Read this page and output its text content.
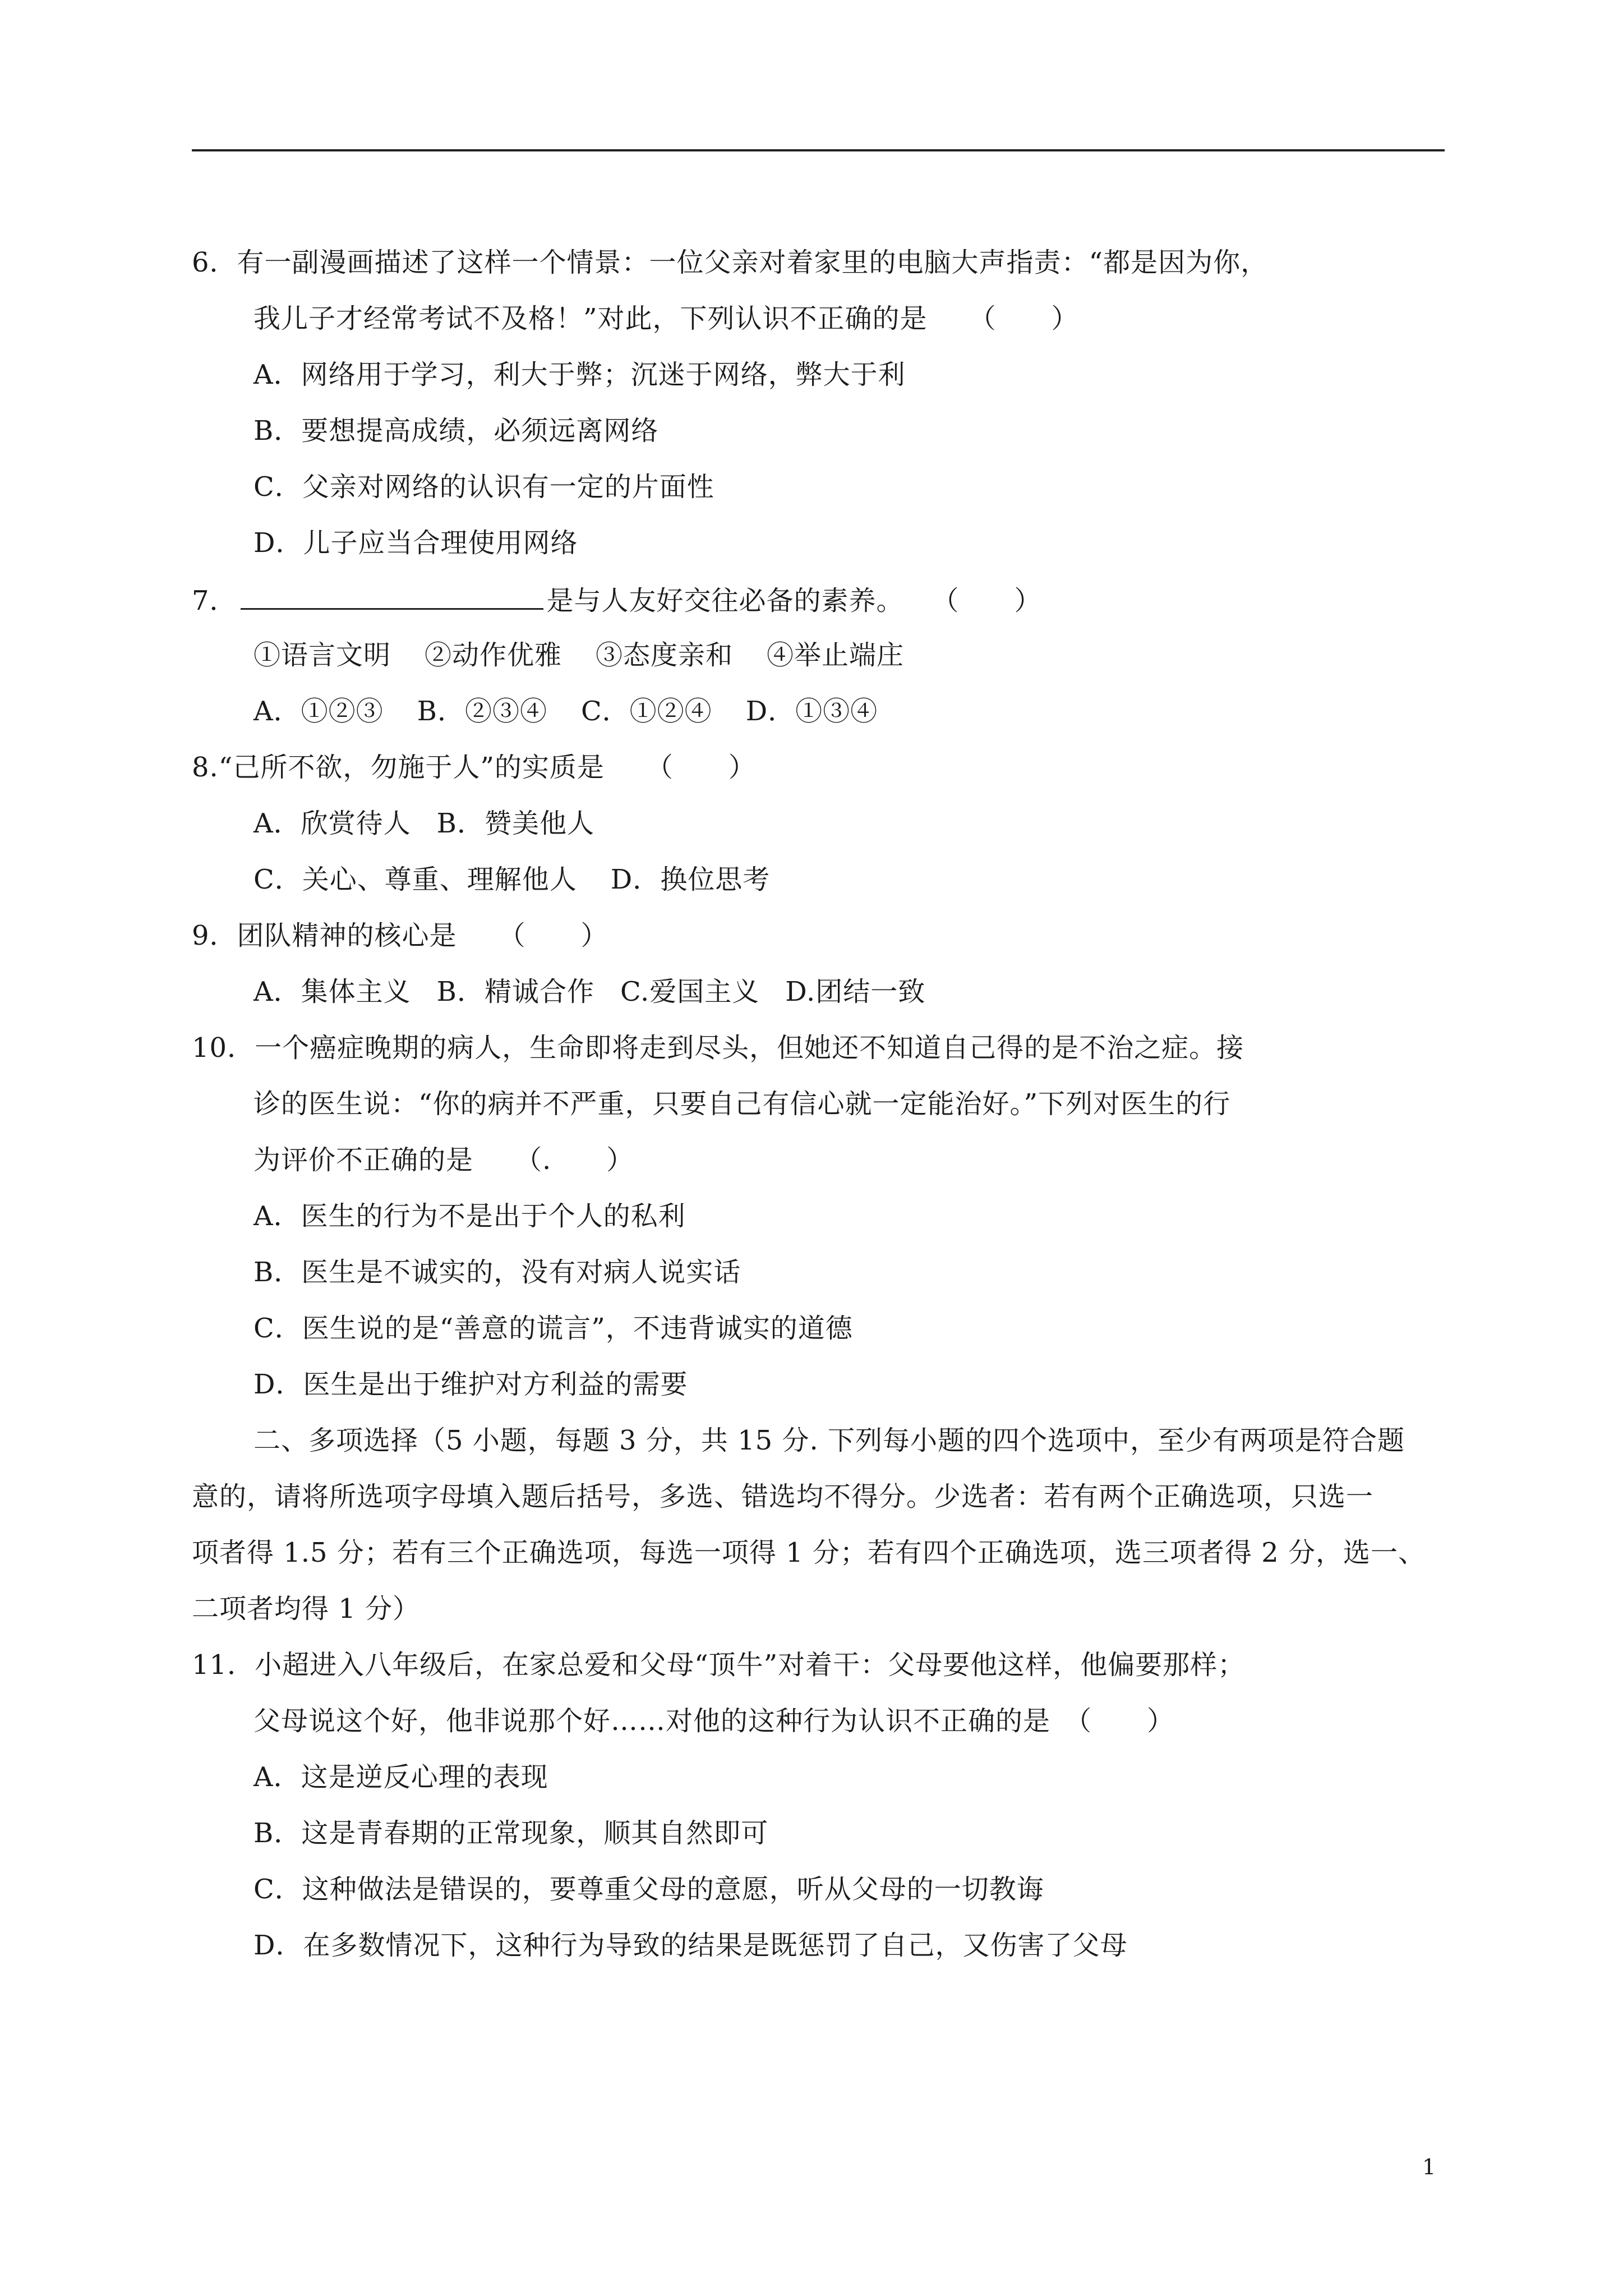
6．有一副漫画描述了这样一个情景：一位父亲对着家里的电脑大声指责：“都是因为你，
我儿子才经常考试不及格！”对此，下列认识不正确的是　　（　　）
A．网络用于学习，利大于弊；沉迷于网络，弊大于利
B．要想提高成绩，必须远离网络
C．父亲对网络的认识有一定的片面性
D．儿子应当合理使用网络
7．	是与人友好交往必备的素养。　　（　　）
①语言文明 ②动作优雅 ③态度亲和 ④举止端庄
A．①②③ B．②③④ C．①②④ D．①③④
8.“己所不欲，勿施于人”的实质是　　（　　）
A．欣赏待人 B．赞美他人
C．关心、尊重、理解他人 D．换位思考
9．团队精神的核心是　　（　　）
A．集体主义 B．精诚合作 C.爱国主义 D.团结一致
10．一个癌症晚期的病人，生命即将走到尽头，但她还不知道自己得的是不治之症。接
诊的医生说：“你的病并不严重，只要自己有信心就一定能治好。”下列对医生的行
为评价不正确的是　　（.　　）
A．医生的行为不是出于个人的私利
B．医生是不诚实的，没有对病人说实话
C．医生说的是“善意的谎言”，不违背诚实的道德
D．医生是出于维护对方利益的需要
二、多项选择（5 小题，每题 3 分，共 15 分. 下列每小题的四个选项中，至少有两项是符合题
意的，请将所选项字母填入题后括号，多选、错选均不得分。少选者：若有两个正确选项，只选一
项者得 1.5 分；若有三个正确选项，每选一项得 1 分；若有四个正确选项，选三项者得 2 分，选一、
二项者均得 1 分）
11．小超进入八年级后，在家总爱和父母“顶牛”对着干：父母要他这样，他偏要那样；
父母说这个好，他非说那个好……对他的这种行为认识不正确的是　（　　）
A．这是逆反心理的表现
B．这是青春期的正常现象，顺其自然即可
C．这种做法是错误的，要尊重父母的意愿，听从父母的一切教诲
D．在多数情况下，这种行为导致的结果是既惩罚了自己，又伤害了父母
1
